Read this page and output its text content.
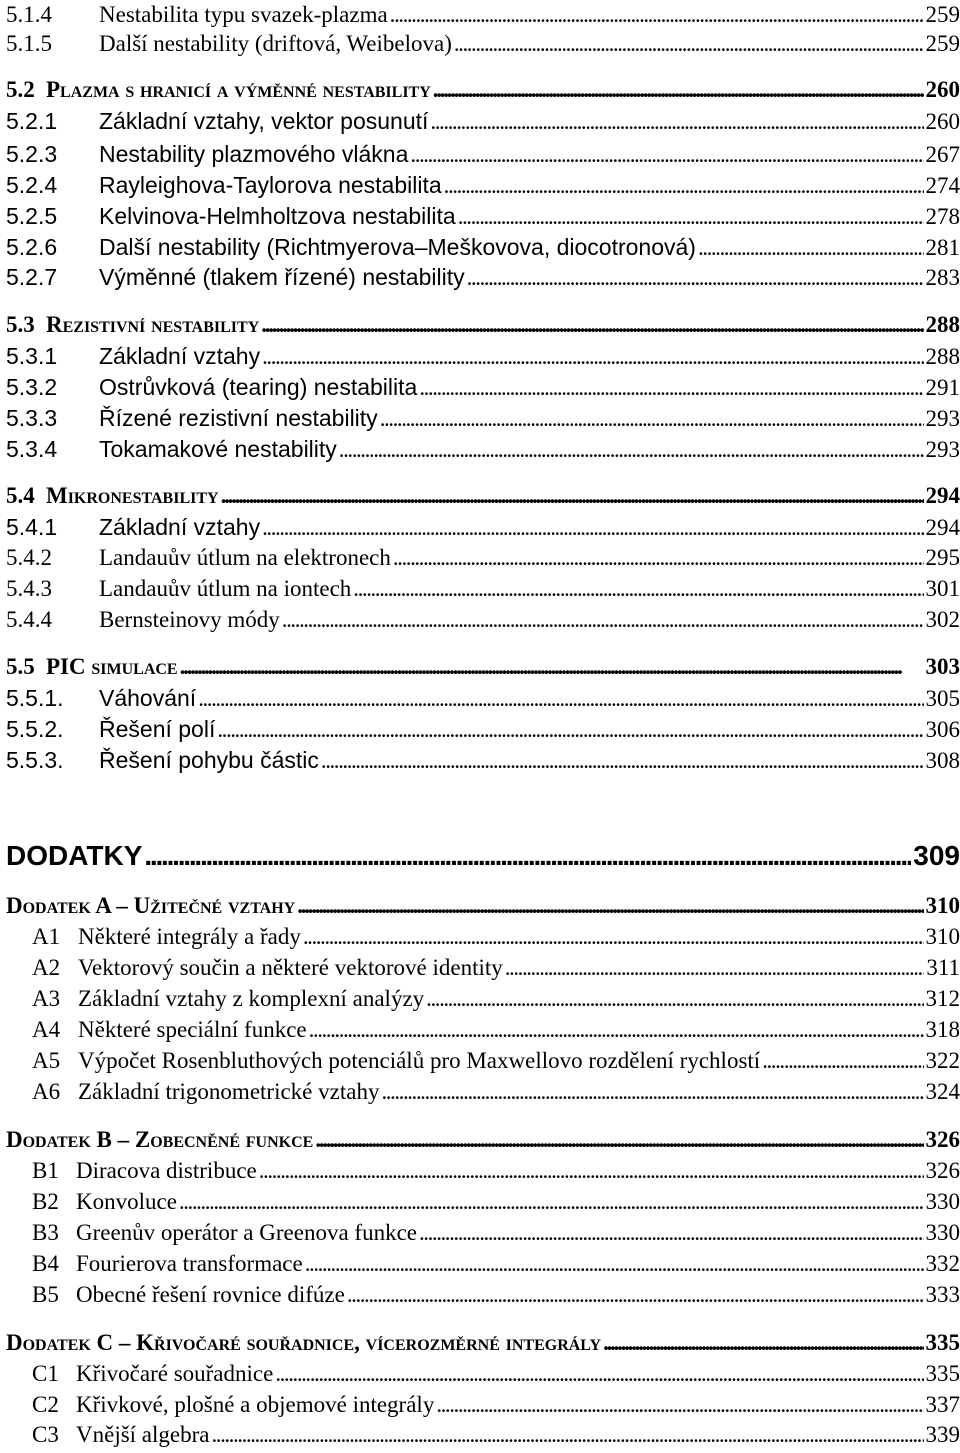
5.1.4	Nestabilita typu svazek-plazma . . .	259
5.1.5	Další nestability (driftová, Weibelova) . . .	259
5.2 Plazma s hranicí a výměnné nestability . . .	260
5.2.1	Základní vztahy, vektor posunutí . . .	260
5.2.3	Nestability plazmového vlákna . . .	267
5.2.4	Rayleighova-Taylorova nestabilita . . .	274
5.2.5	Kelvinova-Helmholtzova nestabilita . . .	278
5.2.6	Další nestability (Richtmyerova–Meškovova, diocotronová) . . .	281
5.2.7	Výměnné (tlakem řízené) nestability . . .	283
5.3 Rezistivní nestability . . .	288
5.3.1	Základní vztahy . . .	288
5.3.2	Ostrůvková (tearing) nestabilita . . .	291
5.3.3	Řízené rezistivní nestability . . .	293
5.3.4	Tokamakové nestability . . .	293
5.4 Mikronestability . . .	294
5.4.1	Základní vztahy . . .	294
5.4.2	Landauův útlum na elektronech . . .	295
5.4.3	Landauův útlum na iontech . . .	301
5.4.4	Bernsteinovy módy . . .	302
5.5 PIC simulace . . .	303
5.5.1.	Váhování . . .	305
5.5.2.	Řešení polí . . .	306
5.5.3.	Řešení pohybu částic . . .	308
DODATKY . . .	309
Dodatek A – Užitečné vztahy . . .	310
A1 Některé integrály a řady . . .	310
A2 Vektorový součin a některé vektorové identity . . .	311
A3 Základní vztahy z komplexní analýzy . . .	312
A4 Některé speciální funkce . . .	318
A5 Výpočet Rosenbluthových potenciálů pro Maxwellovo rozdělení rychlostí . . .	322
A6 Základní trigonometrické vztahy . . .	324
Dodatek B – Zobecněné funkce . . .	326
B1 Diracova distribuce . . .	326
B2 Konvoluce . . .	330
B3 Greenův operátor a Greenova funkce . . .	330
B4 Fourierova transformace . . .	332
B5 Obecné řešení rovnice difúze . . .	333
Dodatek C – Křivočaré souřadnice, vícerozměrné integrály . . .	335
C1 Křivočaré souřadnice . . .	335
C2 Křivkové, plošné a objemové integrály . . .	337
C3 Vnější algebra . . .	339
